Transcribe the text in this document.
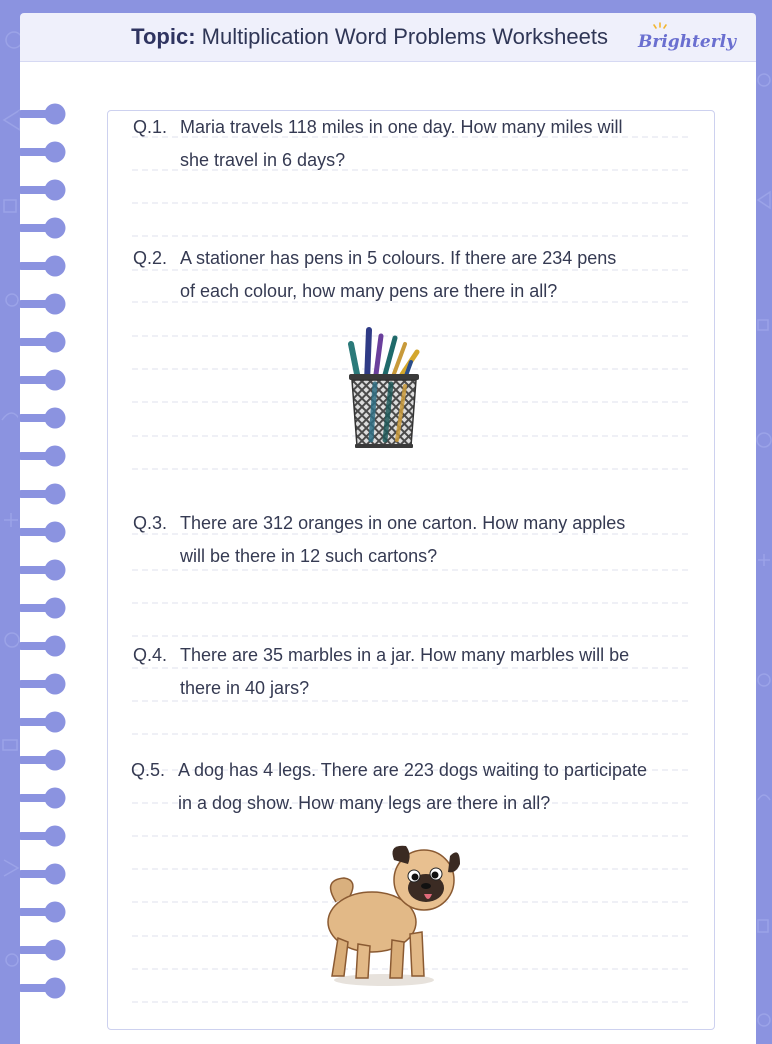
Topic: Multiplication Word Problems Worksheets Brighterly
Q.1. Maria travels 118 miles in one day. How many miles will
she travel in 6 days?
Q.2. A stationer has pens in 5 colours. If there are 234 pens
of each colour, how many pens are there in all?
Q.3. There are 312 oranges in one carton. How many apples
will be there in 12 such cartons?
Q.4. There are 35 marbles in a jar. How many marbles will be
there in 40 jars?
Q.5. A dog has 4 legs. There are 223 dogs waiting to participate
in a dog show. How many legs are there in all?
